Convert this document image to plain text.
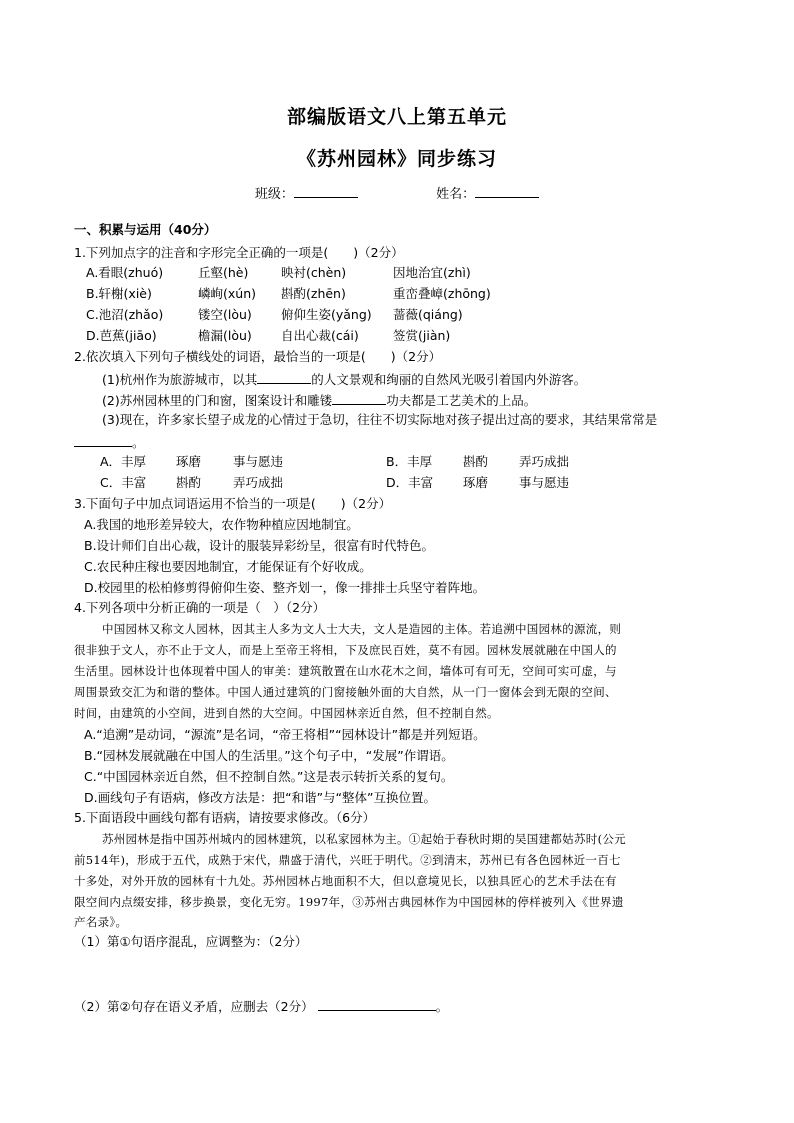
部编版语文八上第五单元
《苏州园林》同步练习
班级：	姓名：
一、积累与运用（40分）
1.下列加点字的注音和字形完全正确的一项是(　　)（2分）
A.看眼(zhuó)	丘壑(hè)	映衬(chèn)	因地治宜(zhì)
B.轩榭(xiè)	嶙峋(xún) 斟酌(zhēn)	重峦叠嶂(zhōng)
C.池沼(zhǎo)	镂空(lòu) 俯仰生姿(yǎng) 蔷薇(qiáng)
D.芭蕉(jiāo)	檐漏(lòu) 自出心裁(cái)	签赏(jiàn)
2.依次填入下列句子横线处的词语，最恰当的一项是(　　)（2分）
(1)杭州作为旅游城市，以其	的人文景观和绚丽的自然风光吸引着国内外游客。
(2)苏州园林里的门和窗，图案设计和雕镂	功夫都是工艺美术的上品。
(3)现在，许多家长望子成龙的心情过于急切，往往不切实际地对孩子提出过高的要求，其结果常常是
。
A．丰厚 琢磨	事与愿违	B．丰厚 斟酌 弄巧成拙
C．丰富 斟酌	弄巧成拙	D．丰富 琢磨 事与愿违
3.下面句子中加点词语运用不恰当的一项是(　　)（2分）
A.我国的地形差异较大，农作物种植应因地制宜。
B.设计师们自出心裁，设计的服装异彩纷呈，很富有时代特色。
C.农民种庄稼也要因地制宜，才能保证有个好收成。
D.校园里的松柏修剪得俯仰生姿、整齐划一，像一排排士兵坚守着阵地。
4.下列各项中分析正确的一项是（　）（2分）
中国园林又称文人园林，因其主人多为文人士大夫，文人是造园的主体。若追溯中国园林的源流，则
很非独于文人，亦不止于文人，而是上至帝王将相，下及庶民百姓，莫不有园。园林发展就融在中国人的
生活里。园林设计也体现着中国人的审美：建筑散置在山水花木之间，墙体可有可无，空间可实可虚，与
周围景致交汇为和谐的整体。中国人通过建筑的门窗接触外面的大自然，从一门一窗体会到无限的空间、
时间，由建筑的小空间，进到自然的大空间。中国园林亲近自然，但不控制自然。
A.“追溯”是动词，“源流”是名词，“帝王将相”“园林设计”都是并列短语。
B.“园林发展就融在中国人的生活里。”这个句子中，“发展”作谓语。
C.“中国园林亲近自然，但不控制自然。”这是表示转折关系的复句。
D.画线句子有语病，修改方法是：把“和谐”与“整体”互换位置。
5.下面语段中画线句都有语病，请按要求修改。（6分）
苏州园林是指中国苏州城内的园林建筑，以私家园林为主。①起始于春秋时期的吴国建都姑苏时(公元
前514年)，形成于五代，成熟于宋代，鼎盛于清代，兴旺于明代。②到清末，苏州已有各色园林近一百七
十多处，对外开放的园林有十九处。苏州园林占地面积不大，但以意境见长，以独具匠心的艺术手法在有
限空间内点缀安排，移步换景，变化无穷。1997年，③苏州古典园林作为中国园林的停样被列入《世界遗
产名录》。
（1）第①句语序混乱，应调整为：（2分）
（2）第②句存在语义矛盾，应删去（2分）	。
